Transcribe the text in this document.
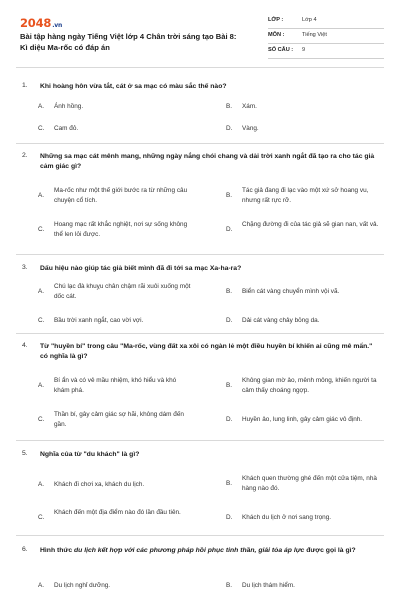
2048.vn
Bài tập hàng ngày Tiếng Việt lớp 4 Chân trời sáng tạo Bài 8: Kì diệu Ma-rốc có đáp án
LỚP :	Lớp 4
MÔN :	Tiếng Việt
SỐ CÂU : 9
1. Khi hoàng hôn vừa tắt, cát ở sa mạc có màu sắc thế nào?
A. Ánh hồng.	B. Xám.
C. Cam đỏ.	D. Vàng.
2. Những sa mạc cát mênh mang, những ngày nắng chói chang và dải trời xanh ngắt đã tạo ra cho tác giả cảm giác gì?
A.
Ma-rốc như một thế giới bước ra từ những câu chuyện cổ tích.
B.
Tác giả đang đi lạc vào một xứ sở hoang vu, nhưng rất rực rỡ.
C.
Hoang mạc rất khắc nghiệt, nơi sự sống không thể len lỏi được.
D.
Chặng đường đi của tác giả sẽ gian nan, vất vả.
3. Dấu hiệu nào giúp tác giả biết mình đã đi tới sa mạc Xa-ha-ra?
A.
Chú lạc đà khuỵu chân chậm rãi xuôi xuống một dốc cát.
B. Biển cát vàng chuyển mình vội vã.
C. Bầu trời xanh ngắt, cao vời vợi.	D. Dải cát vàng chảy bỏng da.
4. Từ "huyền bí" trong câu "Ma-rốc, vùng đất xa xôi có ngàn lẻ một điều huyền bí khiến ai cũng mê mẩn." có nghĩa là gì?
A.
Bí ẩn và có vẻ mầu nhiệm, khó hiểu và khó khám phá.
B.
Không gian mờ ảo, mênh mông, khiến người ta cảm thấy choáng ngợp.
C.
Thần bí, gây cảm giác sợ hãi, không dám đến gần.
D. Huyền ảo, lung linh, gây cảm giác vô định.
5. Nghĩa của từ "du khách" là gì?
A. Khách đi chơi xa, khách du lịch.	B.
Khách quen thường ghé đến một cửa tiệm, nhà hàng nào đó.
C.
Khách đến một địa điểm nào đó lần đầu tiên.
D. Khách du lịch ở nơi sang trọng.
6. Hình thức du lịch kết hợp với các phương pháp hồi phục tinh thần, giải tỏa áp lực được gọi là gì?
A. Du lịch nghỉ dưỡng.	B. Du lịch thám hiểm.
